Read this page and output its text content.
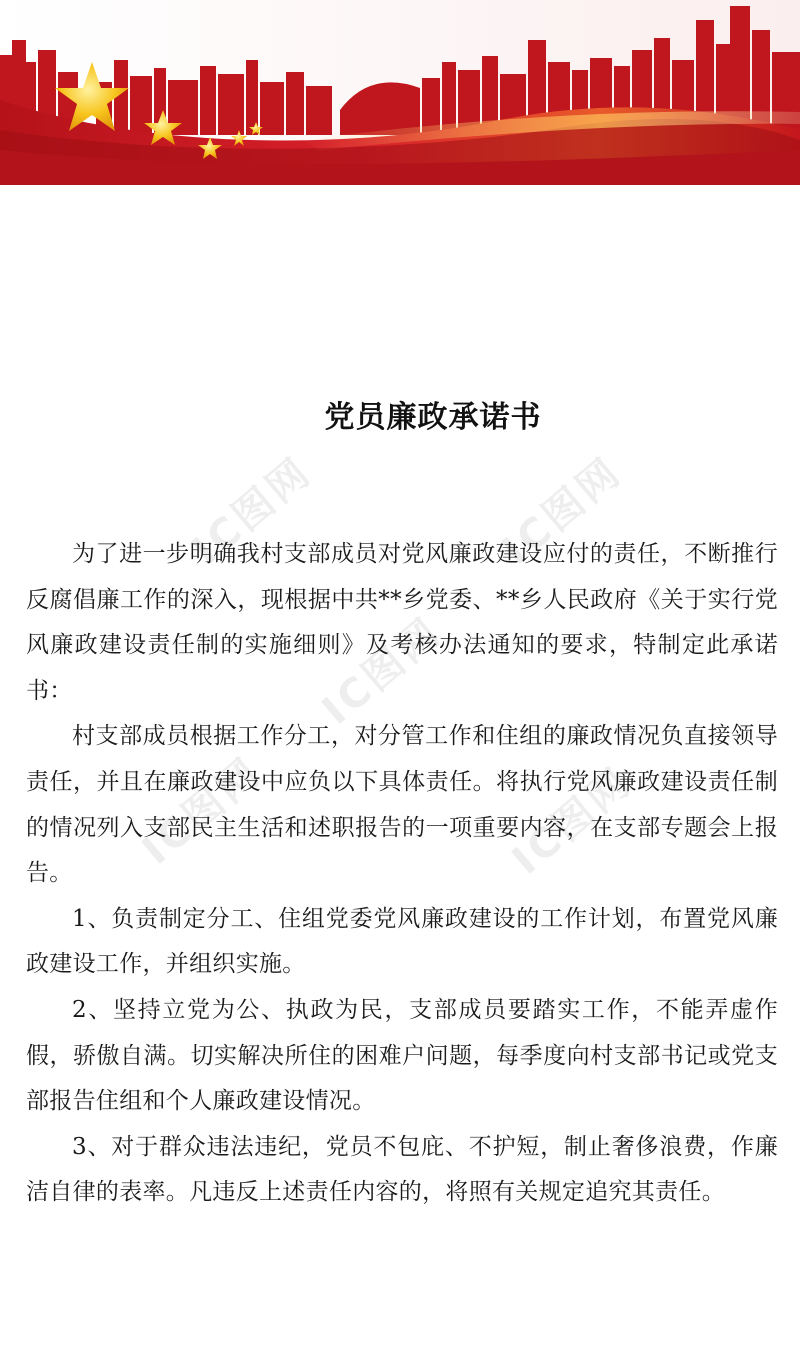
IC图网	IC图网
IC图网
IC图网	IC图网
党员廉政承诺书

为了进一步明确我村支部成员对党风廉政建设应付的责任，不断推行反腐倡廉工作的深入，现根据中共**乡党委、**乡人民政府《关于实行党风廉政建设责任制的实施细则》及考核办法通知的要求，特制定此承诺书：

村支部成员根据工作分工，对分管工作和住组的廉政情况负直接领导责任，并且在廉政建设中应负以下具体责任。将执行党风廉政建设责任制的情况列入支部民主生活和述职报告的一项重要内容，在支部专题会上报告。

1、负责制定分工、住组党委党风廉政建设的工作计划，布置党风廉政建设工作，并组织实施。

2、坚持立党为公、执政为民，支部成员要踏实工作，不能弄虚作假，骄傲自满。切实解决所住的困难户问题，每季度向村支部书记或党支部报告住组和个人廉政建设情况。

3、对于群众违法违纪，党员不包庇、不护短，制止奢侈浪费，作廉洁自律的表率。凡违反上述责任内容的，将照有关规定追究其责任。
